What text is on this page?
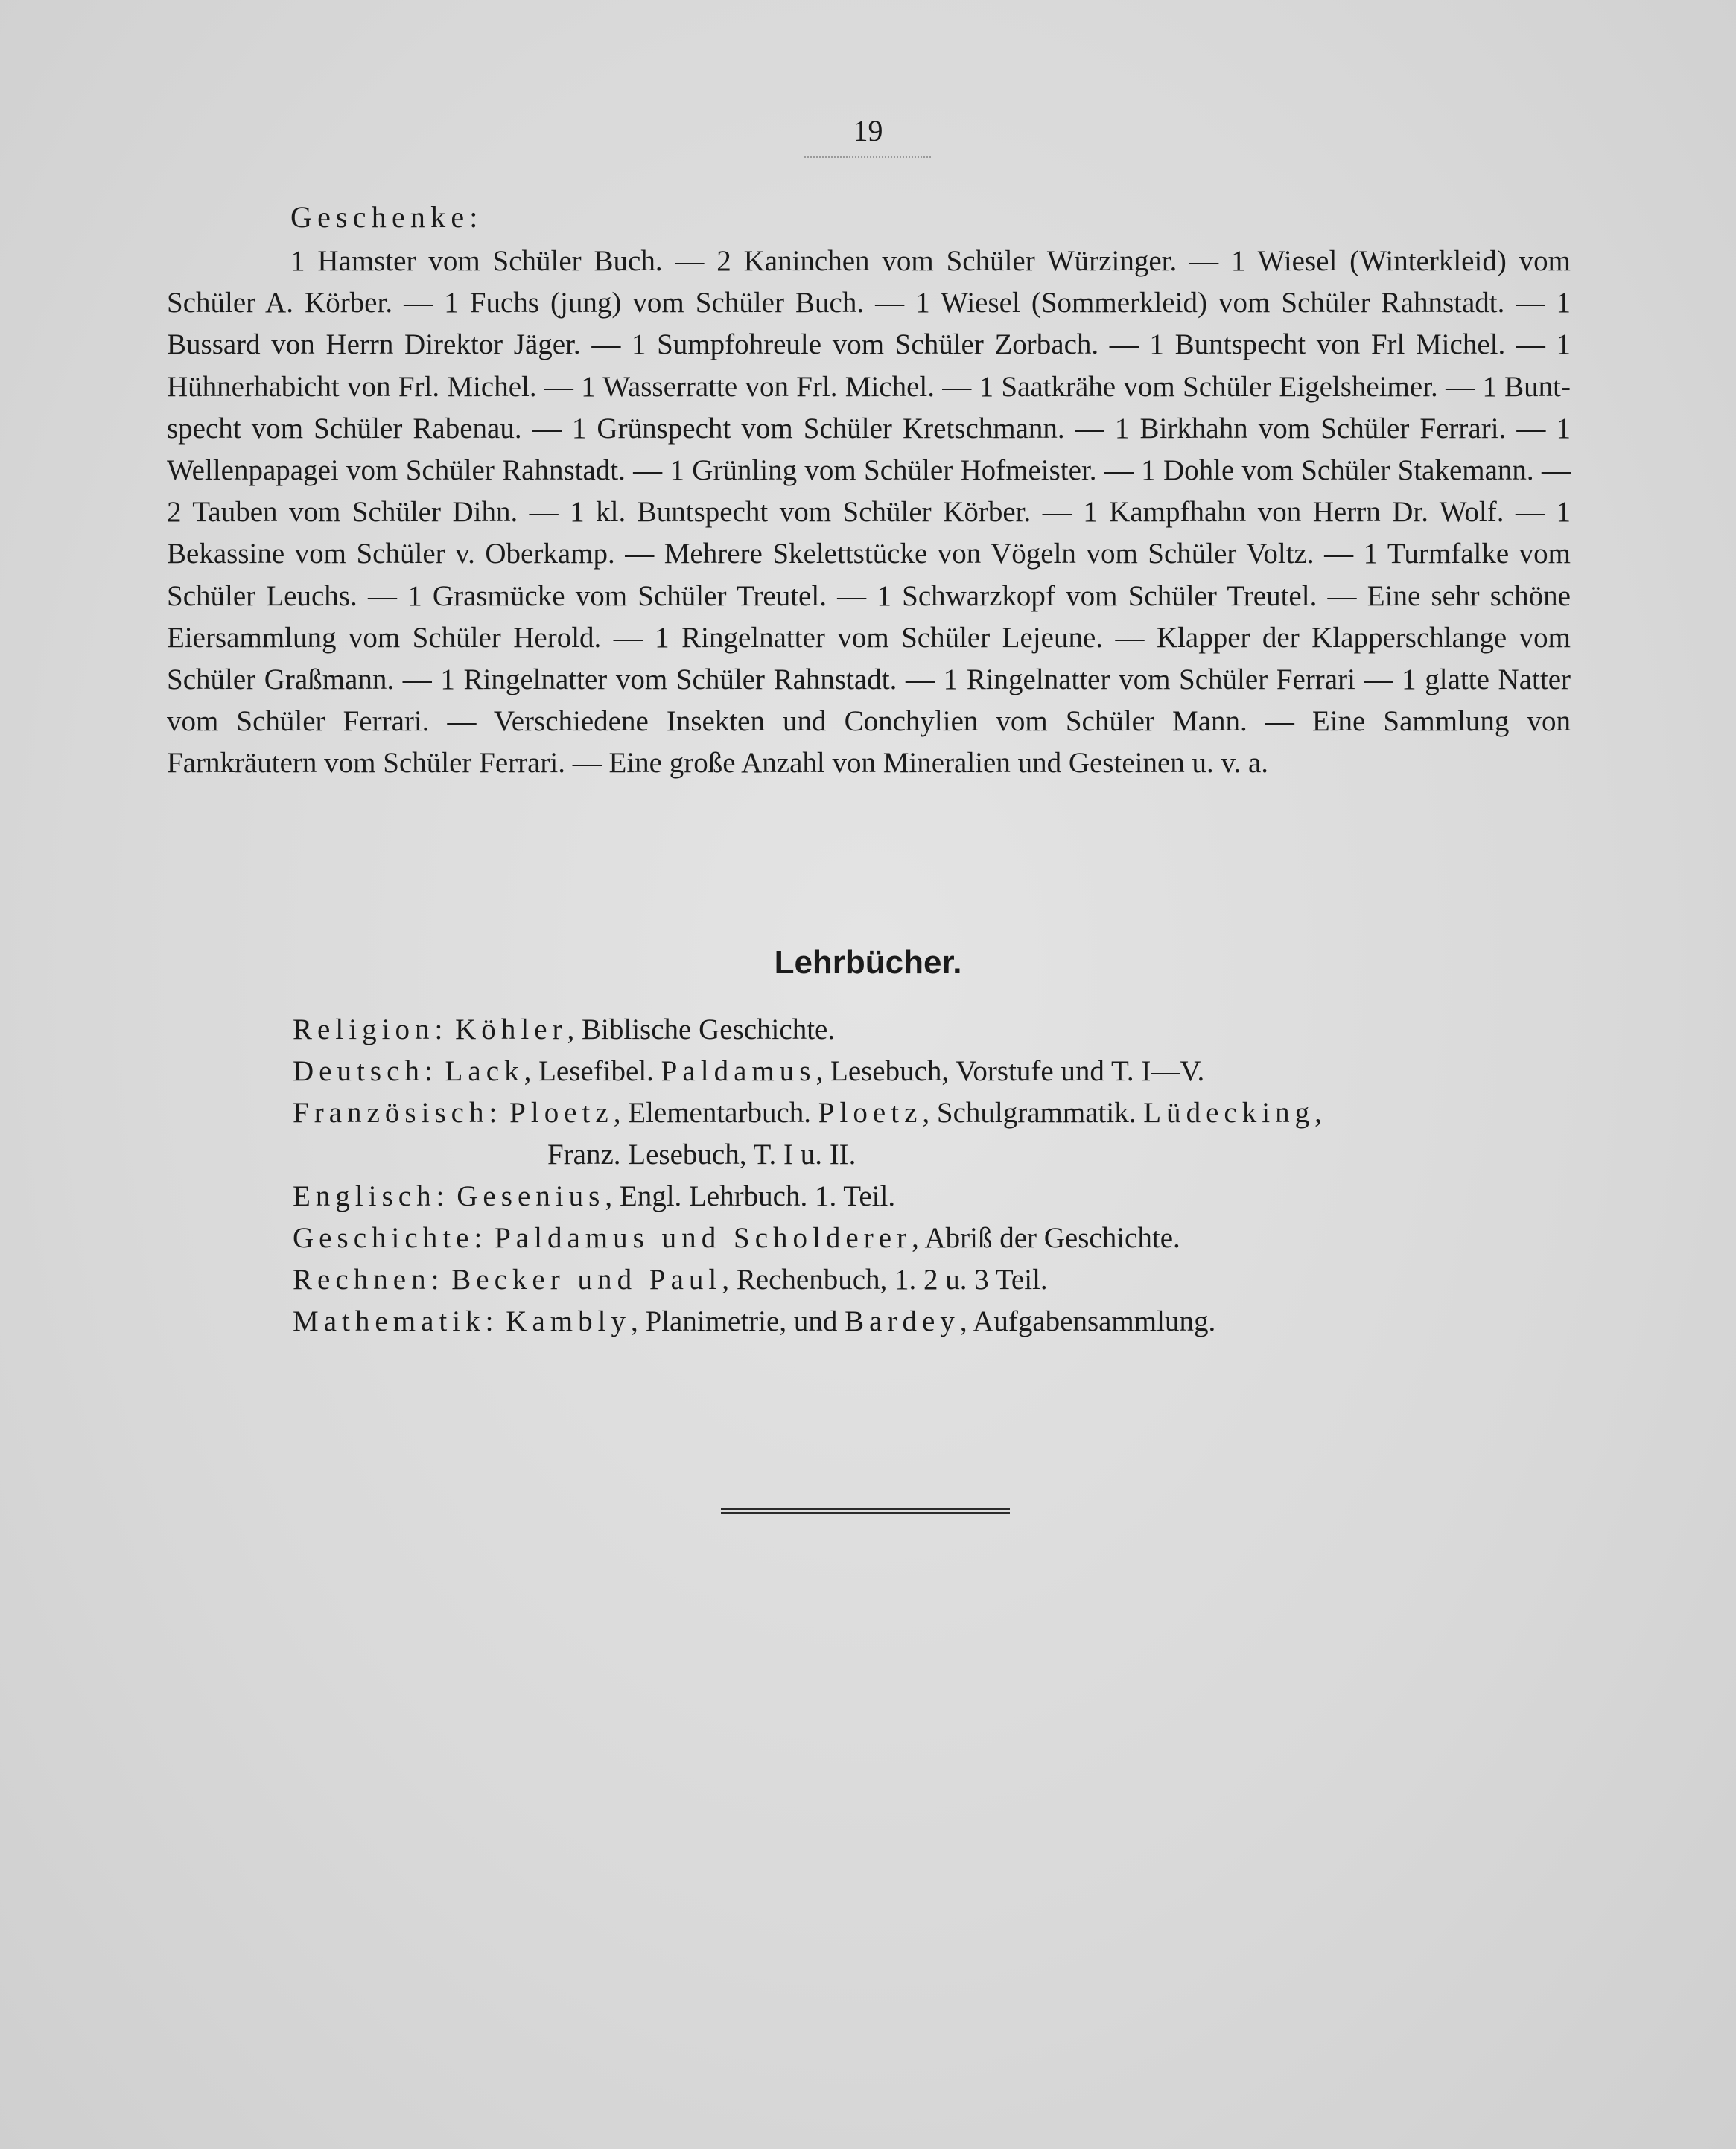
19
Geschenke:

1 Hamster vom Schüler Buch. — 2 Kaninchen vom Schüler Würzinger. — 1 Wiesel (Winterkleid) vom Schüler A. Körber. — 1 Fuchs (jung) vom Schüler Buch. — 1 Wiesel (Sommerkleid) vom Schüler Rahnstadt. — 1 Bussard von Herrn Direktor Jäger. — 1 Sumpfohreule vom Schüler Zorbach. — 1 Buntspecht von Frl Michel. — 1 Hühnerhabicht von Frl. Michel. — 1 Wasserratte von Frl. Michel. — 1 Saatkrähe vom Schüler Eigelsheimer. — 1 Buntspecht vom Schüler Rabenau. — 1 Grünspecht vom Schüler Kretschmann. — 1 Birkhahn vom Schüler Ferrari. — 1 Wellenpapagei vom Schüler Rahnstadt. — 1 Grünling vom Schüler Hofmeister. — 1 Dohle vom Schüler Stakemann. — 2 Tauben vom Schüler Dihn. — 1 kl. Buntspecht vom Schüler Körber. — 1 Kampfhahn von Herrn Dr. Wolf. — 1 Bekassine vom Schüler v. Oberkamp. — Mehrere Skelettstücke von Vögeln vom Schüler Voltz. — 1 Turmfalke vom Schüler Leuchs. — 1 Grasmücke vom Schüler Treutel. — 1 Schwarzkopf vom Schüler Treutel. — Eine sehr schöne Eiersammlung vom Schüler Herold. — 1 Ringelnatter vom Schüler Lejeune. — Klapper der Klapperschlange vom Schüler Graßmann. — 1 Ringelnatter vom Schüler Rahnstadt. — 1 Ringelnatter vom Schüler Ferrari — 1 glatte Natter vom Schüler Ferrari. — Verschiedene Insekten und Conchylien vom Schüler Mann. — Eine Sammlung von Farnkräutern vom Schüler Ferrari. — Eine große Anzahl von Mineralien und Gesteinen u. v. a.

Lehrbücher.
Religion: Köhler, Biblische Geschichte.
Deutsch: Lack, Lesefibel. Paldamus, Lesebuch, Vorstufe und T. I—V.
Französisch: Ploetz, Elementarbuch. Ploetz, Schulgrammatik. Lüdecking,
Franz. Lesebuch, T. I u. II.
Englisch: Gesenius, Engl. Lehrbuch. 1. Teil.
Geschichte: Paldamus und Scholderer, Abriß der Geschichte.
Rechnen: Becker und Paul, Rechenbuch, 1. 2 u. 3 Teil.
Mathematik: Kambly, Planimetrie, und Bardey, Aufgabensammlung.
